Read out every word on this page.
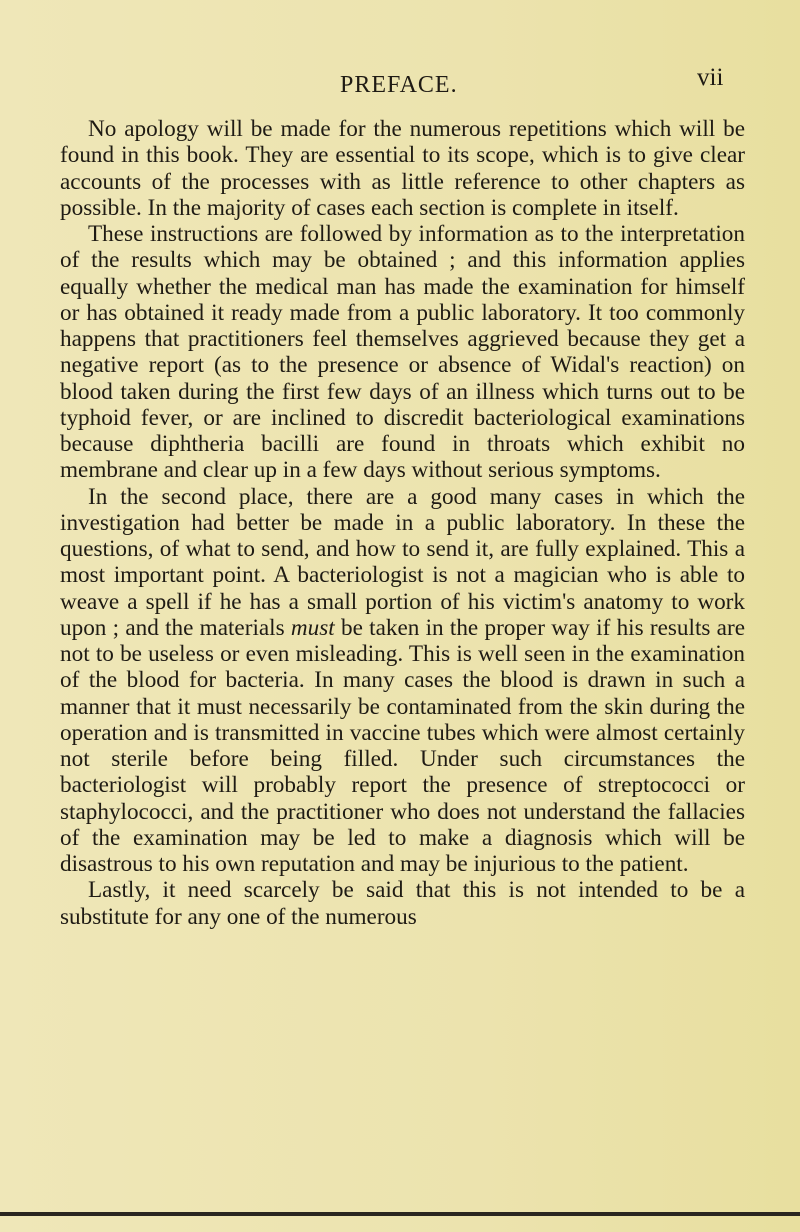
PREFACE.	vii

No apology will be made for the numerous repetitions which will be found in this book. They are essential to its scope, which is to give clear accounts of the processes with as little reference to other chapters as possible. In the majority of cases each section is complete in itself.

These instructions are followed by information as to the interpretation of the results which may be obtained ; and this information applies equally whether the medical man has made the examination for himself or has obtained it ready made from a public laboratory. It too commonly happens that practitioners feel themselves aggrieved because they get a negative report (as to the presence or absence of Widal's reaction) on blood taken during the first few days of an illness which turns out to be typhoid fever, or are inclined to discredit bacteriological examinations because diphtheria bacilli are found in throats which exhibit no membrane and clear up in a few days without serious symptoms.

In the second place, there are a good many cases in which the investigation had better be made in a public laboratory. In these the questions, of what to send, and how to send it, are fully explained. This a most important point. A bacteriologist is not a magician who is able to weave a spell if he has a small portion of his victim's anatomy to work upon ; and the materials must be taken in the proper way if his results are not to be useless or even misleading. This is well seen in the examination of the blood for bacteria. In many cases the blood is drawn in such a manner that it must necessarily be contaminated from the skin during the operation and is transmitted in vaccine tubes which were almost certainly not sterile before being filled. Under such circumstances the bacteriologist will probably report the presence of streptococci or staphylococci, and the practitioner who does not understand the fallacies of the examination may be led to make a diagnosis which will be disastrous to his own reputation and may be injurious to the patient.

Lastly, it need scarcely be said that this is not intended to be a substitute for any one of the numerous
